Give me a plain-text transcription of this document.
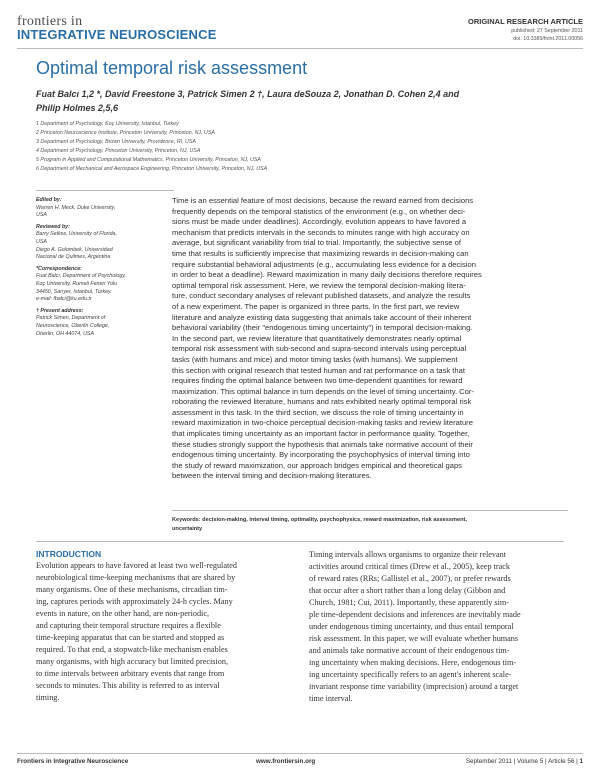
frontiers in
INTEGRATIVE NEUROSCIENCE
ORIGINAL RESEARCH ARTICLE
published: 27 September 2011
doi: 10.3389/fnint.2011.00056
Optimal temporal risk assessment
Fuat Balcı 1,2 *, David Freestone 3, Patrick Simen 2 †, Laura deSouza 2, Jonathan D. Cohen 2,4 and
Philip Holmes 2,5,6
1 Department of Psychology, Koç University, Istanbul, Turkey
2 Princeton Neuroscience Institute, Princeton University, Princeton, NJ, USA
3 Department of Psychology, Brown University, Providence, RI, USA
4 Department of Psychology, Princeton University, Princeton, NJ, USA
5 Program in Applied and Computational Mathematics, Princeton University, Princeton, NJ, USA
6 Department of Mechanical and Aerospace Engineering, Princeton University, Princeton, NJ, USA
Edited by:
Warren H. Meck, Duke University,
USA
Reviewed by:
Barry Setlow, University of Florida,
USA
Diego A. Golombek, Universidad
Nacional de Quilmes, Argentina
*Correspondence:
Fuat Balcı, Department of Psychology,
Koç University, Rumeli Feneri Yolu
34450, Sarıyer, Istanbul, Turkey.
e-mail: fbalci@ku.edu.tr
† Present address:
Patrick Simen, Department of
Neuroscience, Oberlin College,
Oberlin, OH 44074, USA
Time is an essential feature of most decisions, because the reward earned from decisions
frequently depends on the temporal statistics of the environment (e.g., on whether deci-
sions must be made under deadlines). Accordingly, evolution appears to have favored a
mechanism that predicts intervals in the seconds to minutes range with high accuracy on
average, but significant variability from trial to trial. Importantly, the subjective sense of
time that results is sufficiently imprecise that maximizing rewards in decision-making can
require substantial behavioral adjustments (e.g., accumulating less evidence for a decision
in order to beat a deadline). Reward maximization in many daily decisions therefore requires
optimal temporal risk assessment. Here, we review the temporal decision-making litera-
ture, conduct secondary analyses of relevant published datasets, and analyze the results
of a new experiment. The paper is organized in three parts. In the first part, we review
literature and analyze existing data suggesting that animals take account of their inherent
behavioral variability (their "endogenous timing uncertainty") in temporal decision-making.
In the second part, we review literature that quantitatively demonstrates nearly optimal
temporal risk assessment with sub-second and supra-second intervals using perceptual
tasks (with humans and mice) and motor timing tasks (with humans). We supplement
this section with original research that tested human and rat performance on a task that
requires finding the optimal balance between two time-dependent quantities for reward
maximization. This optimal balance in turn depends on the level of timing uncertainty. Cor-
roborating the reviewed literature, humans and rats exhibited nearly optimal temporal risk
assessment in this task. In the third section, we discuss the role of timing uncertainty in
reward maximization in two-choice perceptual decision-making tasks and review literature
that implicates timing uncertainty as an important factor in performance quality. Together,
these studies strongly support the hypothesis that animals take normative account of their
endogenous timing uncertainty. By incorporating the psychophysics of interval timing into
the study of reward maximization, our approach bridges empirical and theoretical gaps
between the interval timing and decision-making literatures.
Keywords: decision-making, interval timing, optimality, psychophysics, reward maximization, risk assessment,
uncertainty
INTRODUCTION
Evolution appears to have favored at least two well-regulated
neurobiological time-keeping mechanisms that are shared by
many organisms. One of these mechanisms, circadian tim-
ing, captures periods with approximately 24-h cycles. Many
events in nature, on the other hand, are non-periodic,
and capturing their temporal structure requires a flexible
time-keeping apparatus that can be started and stopped as
required. To that end, a stopwatch-like mechanism enables
many organisms, with high accuracy but limited precision,
to time intervals between arbitrary events that range from
seconds to minutes. This ability is referred to as interval
timing.
Timing intervals allows organisms to organize their relevant
activities around critical times (Drew et al., 2005), keep track
of reward rates (RRs; Gallistel et al., 2007), or prefer rewards
that occur after a short rather than a long delay (Gibbon and
Church, 1981; Cui, 2011). Importantly, these apparently sim-
ple time-dependent decisions and inferences are inevitably made
under endogenous timing uncertainty, and thus entail temporal
risk assessment. In this paper, we will evaluate whether humans
and animals take normative account of their endogenous tim-
ing uncertainty when making decisions. Here, endogenous tim-
ing uncertainty specifically refers to an agent's inherent scale-
invariant response time variability (imprecision) around a target
time interval.
Frontiers in Integrative Neuroscience	www.frontiersin.org	September 2011 | Volume 5 | Article 56 | 1
